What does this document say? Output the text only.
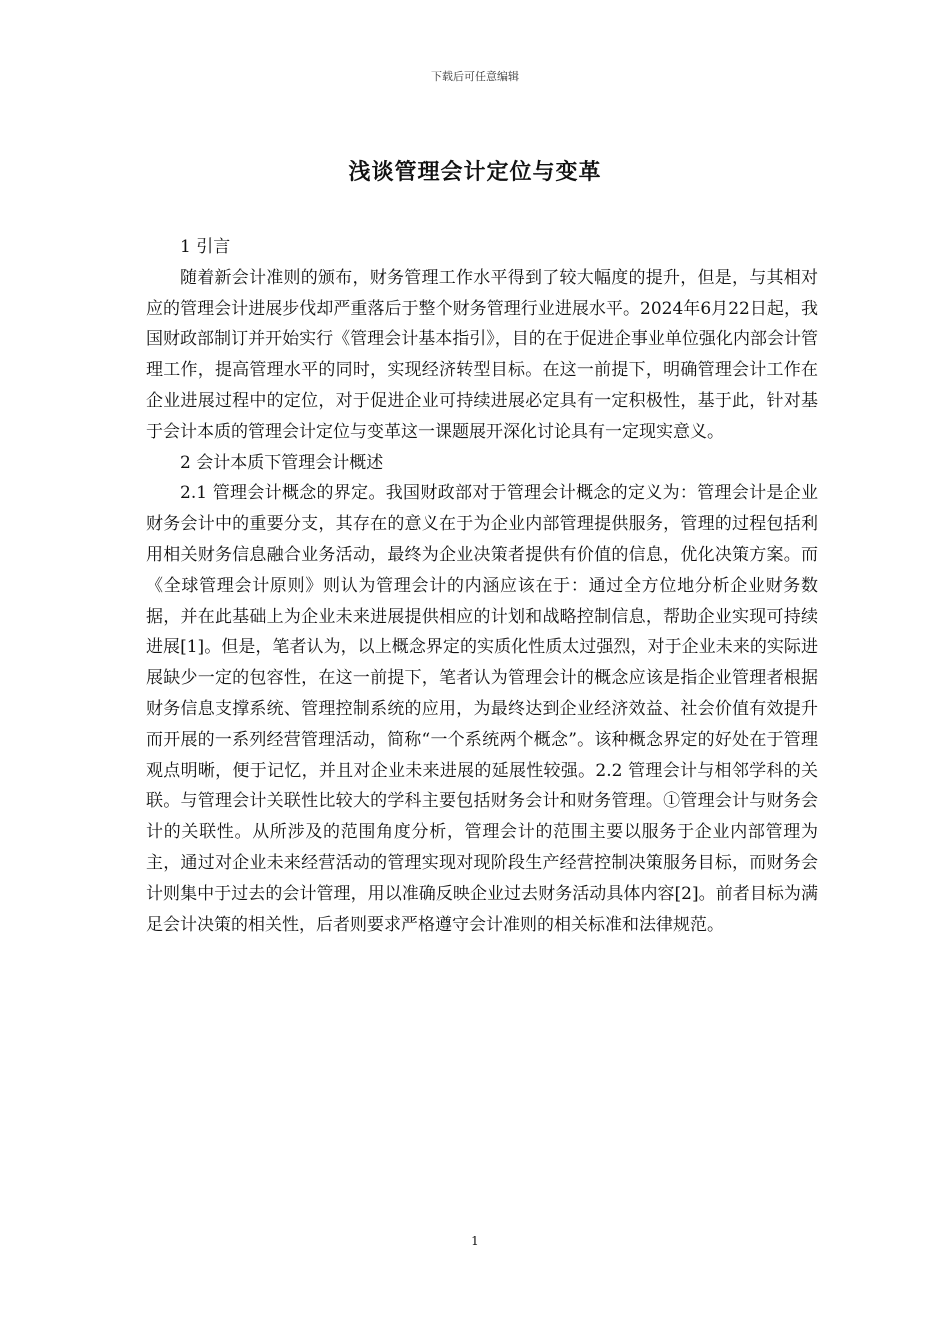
下载后可任意编辑
浅谈管理会计定位与变革

1 引言

随着新会计准则的颁布，财务管理工作水平得到了较大幅度的提升，但是，与其相对应的管理会计进展步伐却严重落后于整个财务管理行业进展水平。2024年6月22日起，我国财政部制订并开始实行《管理会计基本指引》，目的在于促进企事业单位强化内部会计管理工作，提高管理水平的同时，实现经济转型目标。在这一前提下，明确管理会计工作在企业进展过程中的定位，对于促进企业可持续进展必定具有一定积极性，基于此，针对基于会计本质的管理会计定位与变革这一课题展开深化讨论具有一定现实意义。

2 会计本质下管理会计概述

2.1 管理会计概念的界定。我国财政部对于管理会计概念的定义为：管理会计是企业财务会计中的重要分支，其存在的意义在于为企业内部管理提供服务，管理的过程包括利用相关财务信息融合业务活动，最终为企业决策者提供有价值的信息，优化决策方案。而《全球管理会计原则》则认为管理会计的内涵应该在于：通过全方位地分析企业财务数据，并在此基础上为企业未来进展提供相应的计划和战略控制信息，帮助企业实现可持续进展[1]。但是，笔者认为，以上概念界定的实质化性质太过强烈，对于企业未来的实际进展缺少一定的包容性，在这一前提下，笔者认为管理会计的概念应该是指企业管理者根据财务信息支撑系统、管理控制系统的应用，为最终达到企业经济效益、社会价值有效提升而开展的一系列经营管理活动，简称“一个系统两个概念”。该种概念界定的好处在于管理观点明晰，便于记忆，并且对企业未来进展的延展性较强。2.2 管理会计与相邻学科的关联。与管理会计关联性比较大的学科主要包括财务会计和财务管理。①管理会计与财务会计的关联性。从所涉及的范围角度分析，管理会计的范围主要以服务于企业内部管理为主，通过对企业未来经营活动的管理实现对现阶段生产经营控制决策服务目标，而财务会计则集中于过去的会计管理，用以准确反映企业过去财务活动具体内容[2]。前者目标为满足会计决策的相关性，后者则要求严格遵守会计准则的相关标准和法律规范。

1
